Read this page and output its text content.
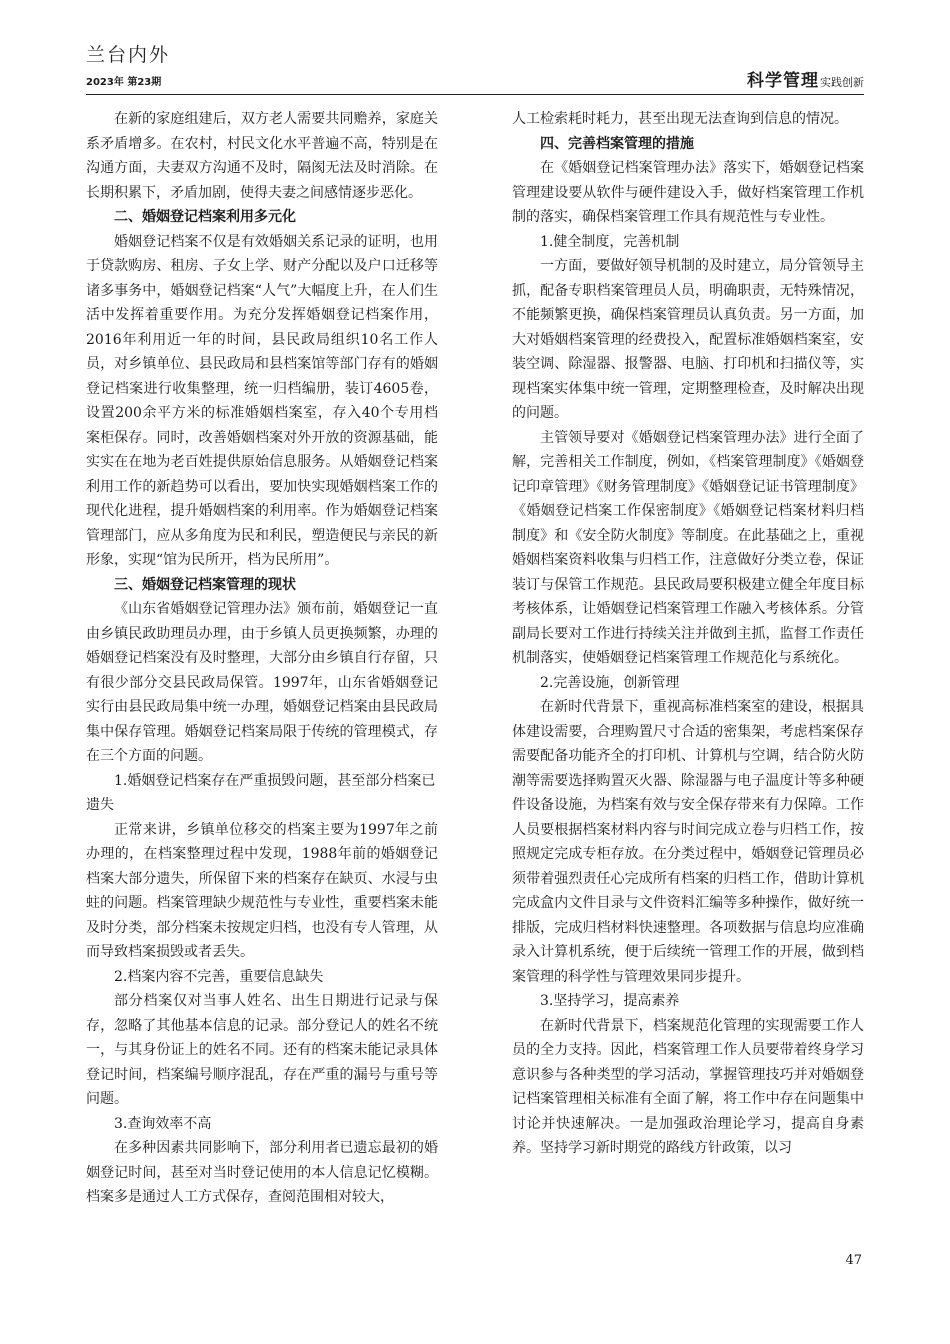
兰台内外
2023年 第23期	科学管理 实践创新

在新的家庭组建后，双方老人需要共同赡养，家庭关系矛盾增多。在农村，村民文化水平普遍不高，特别是在沟通方面，夫妻双方沟通不及时，隔阂无法及时消除。在长期积累下，矛盾加剧，使得夫妻之间感情逐步恶化。

二、婚姻登记档案利用多元化

婚姻登记档案不仅是有效婚姻关系记录的证明，也用于贷款购房、租房、子女上学、财产分配以及户口迁移等诸多事务中，婚姻登记档案“人气”大幅度上升，在人们生活中发挥着重要作用。为充分发挥婚姻登记档案作用，2016年利用近一年的时间，县民政局组织10名工作人员，对乡镇单位、县民政局和县档案馆等部门存有的婚姻登记档案进行收集整理，统一归档编册，装订4605卷，设置200余平方米的标准婚姻档案室，存入40个专用档案柜保存。同时，改善婚姻档案对外开放的资源基础，能实实在在地为老百姓提供原始信息服务。从婚姻登记档案利用工作的新趋势可以看出，要加快实现婚姻档案工作的现代化进程，提升婚姻档案的利用率。作为婚姻登记档案管理部门，应从多角度为民和利民，塑造便民与亲民的新形象，实现“馆为民所开，档为民所用”。

三、婚姻登记档案管理的现状

《山东省婚姻登记管理办法》颁布前，婚姻登记一直由乡镇民政助理员办理，由于乡镇人员更换频繁，办理的婚姻登记档案没有及时整理，大部分由乡镇自行存留，只有很少部分交县民政局保管。1997年，山东省婚姻登记实行由县民政局集中统一办理，婚姻登记档案由县民政局集中保存管理。婚姻登记档案局限于传统的管理模式，存在三个方面的问题。

1.婚姻登记档案存在严重损毁问题，甚至部分档案已遗失

正常来讲，乡镇单位移交的档案主要为1997年之前办理的，在档案整理过程中发现，1988年前的婚姻登记档案大部分遗失，所保留下来的档案存在缺页、水浸与虫蛀的问题。档案管理缺少规范性与专业性，重要档案未能及时分类，部分档案未按规定归档，也没有专人管理，从而导致档案损毁或者丢失。

2.档案内容不完善，重要信息缺失

部分档案仅对当事人姓名、出生日期进行记录与保存，忽略了其他基本信息的记录。部分登记人的姓名不统一，与其身份证上的姓名不同。还有的档案未能记录具体登记时间，档案编号顺序混乱，存在严重的漏号与重号等问题。

3.查询效率不高

在多种因素共同影响下，部分利用者已遗忘最初的婚姻登记时间，甚至对当时登记使用的本人信息记忆模糊。档案多是通过人工方式保存，查阅范围相对较大，

人工检索耗时耗力，甚至出现无法查询到信息的情况。

四、完善档案管理的措施

在《婚姻登记档案管理办法》落实下，婚姻登记档案管理建设要从软件与硬件建设入手，做好档案管理工作机制的落实，确保档案管理工作具有规范性与专业性。

1.健全制度，完善机制

一方面，要做好领导机制的及时建立，局分管领导主抓，配备专职档案管理员人员，明确职责，无特殊情况，不能频繁更换，确保档案管理员认真负责。另一方面，加大对婚姻档案管理的经费投入，配置标准婚姻档案室，安装空调、除湿器、报警器、电脑、打印机和扫描仪等，实现档案实体集中统一管理，定期整理检查，及时解决出现的问题。

主管领导要对《婚姻登记档案管理办法》进行全面了解，完善相关工作制度，例如，《档案管理制度》《婚姻登记印章管理》《财务管理制度》《婚姻登记证书管理制度》《婚姻登记档案工作保密制度》《婚姻登记档案材料归档制度》和《安全防火制度》等制度。在此基础之上，重视婚姻档案资料收集与归档工作，注意做好分类立卷，保证装订与保管工作规范。县民政局要积极建立健全年度目标考核体系，让婚姻登记档案管理工作融入考核体系。分管副局长要对工作进行持续关注并做到主抓，监督工作责任机制落实，使婚姻登记档案管理工作规范化与系统化。

2.完善设施，创新管理

在新时代背景下，重视高标准档案室的建设，根据具体建设需要，合理购置尺寸合适的密集架，考虑档案保存需要配备功能齐全的打印机、计算机与空调，结合防火防潮等需要选择购置灭火器、除湿器与电子温度计等多种硬件设备设施，为档案有效与安全保存带来有力保障。工作人员要根据档案材料内容与时间完成立卷与归档工作，按照规定完成专柜存放。在分类过程中，婚姻登记管理员必须带着强烈责任心完成所有档案的归档工作，借助计算机完成盒内文件目录与文件资料汇编等多种操作，做好统一排版，完成归档材料快速整理。各项数据与信息均应准确录入计算机系统，便于后续统一管理工作的开展，做到档案管理的科学性与管理效果同步提升。

3.坚持学习，提高素养

在新时代背景下，档案规范化管理的实现需要工作人员的全力支持。因此，档案管理工作人员要带着终身学习意识参与各种类型的学习活动，掌握管理技巧并对婚姻登记档案管理相关标准有全面了解，将工作中存在问题集中讨论并快速解决。一是加强政治理论学习，提高自身素养。坚持学习新时期党的路线方针政策，以习

47
